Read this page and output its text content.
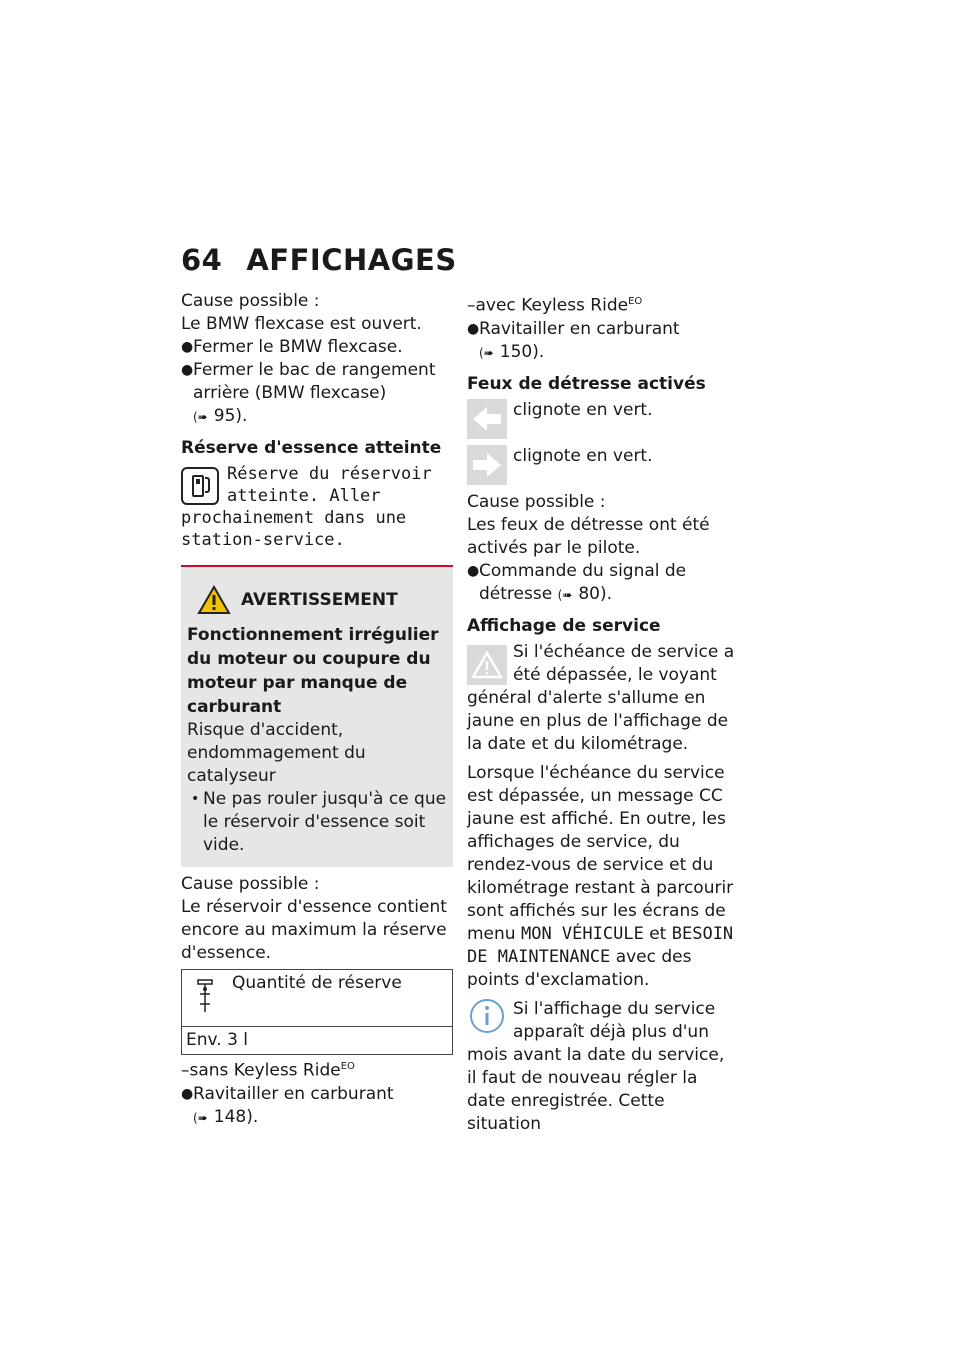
64 AFFICHAGES

Cause possible :

Le BMW flexcase est ouvert.

● Fermer le BMW flexcase.
● Fermer le bac de rangement arrière (BMW flexcase)

(➠ 95).

Réserve d'essence atteinte

Réserve du réservoir atteinte. Aller prochainement dans une station-service.

AVERTISSEMENT

Fonctionnement irrégulier du moteur ou coupure du moteur par manque de carburant

Risque d'accident, endommagement du catalyseur

• Ne pas rouler jusqu'à ce que le réservoir d'essence soit vide.

Cause possible :

Le réservoir d'essence contient encore au maximum la réserve d'essence.

Quantité de réserve
Env. 3 l

–sans Keyless Ride$^{EO}$

● Ravitailler en carburant

(➠ 148).

–avec Keyless Ride$^{EO}$

● Ravitailler en carburant

(➠ 150).

Feux de détresse activés
clignote en vert.
clignote en vert.

Cause possible :

Les feux de détresse ont été activés par le pilote.

● Commande du signal de détresse (➠ 80).
Affichage de service

Si l'échéance de service a été dépassée, le voyant général d'alerte s'allume en jaune en plus de l'affichage de la date et du kilométrage.

Lorsque l'échéance du service est dépassée, un message CC jaune est affiché. En outre, les affichages de service, du rendez-vous de service et du kilométrage restant à parcourir sont affichés sur les écrans de menu MON VÉHICULE et BESOIN DE MAINTENANCE avec des points d'exclamation.

Si l'affichage du service apparaît déjà plus d'un mois avant la date du service, il faut de nouveau régler la date enregistrée. Cette situation
